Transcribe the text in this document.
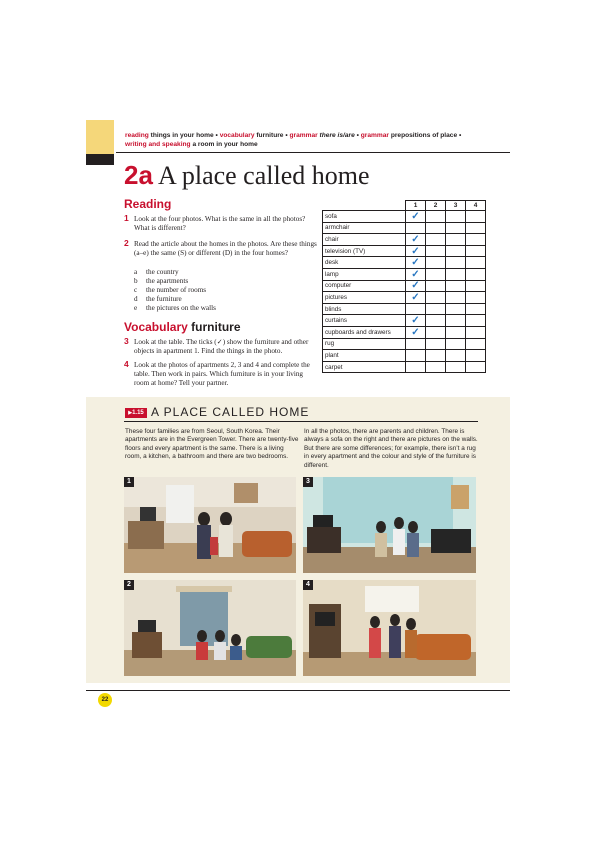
reading things in your home • vocabulary furniture • grammar there is/are • grammar prepositions of place •
writing and speaking a room in your home
2a A place called home
Reading
1 Look at the four photos. What is the same in all the photos? What is different?
2 Read the article about the homes in the photos. Are these things (a–e) the same (S) or different (D) in the four homes?
a the country
b the apartments
c the number of rooms
d the furniture
e the pictures on the walls
Vocabulary furniture
3 Look at the table. The ticks (✓) show the furniture and other objects in apartment 1. Find the things in the photo.
4 Look at the photos of apartments 2, 3 and 4 and complete the table. Then work in pairs. Which furniture is in your living room at home? Tell your partner.
	1	2	3	4
sofa	✓			
armchair				
chair	✓			
television (TV)	✓			
desk	✓			
lamp	✓			
computer	✓			
pictures	✓			
blinds				
curtains	✓			
cupboards and drawers	✓			
rug				
plant				
carpet				
▶1.15 A PLACE CALLED HOME
These four families are from Seoul, South Korea. Their apartments are in the Evergreen Tower. There are twenty-five floors and every apartment is the same. There is a living room, a kitchen, a bathroom and there are two bedrooms.
In all the photos, there are parents and children. There is always a sofa on the right and there are pictures on the walls. But there are some differences; for example, there isn’t a rug in every apartment and the colour and style of the furniture is different.
1	3
2	4
22
